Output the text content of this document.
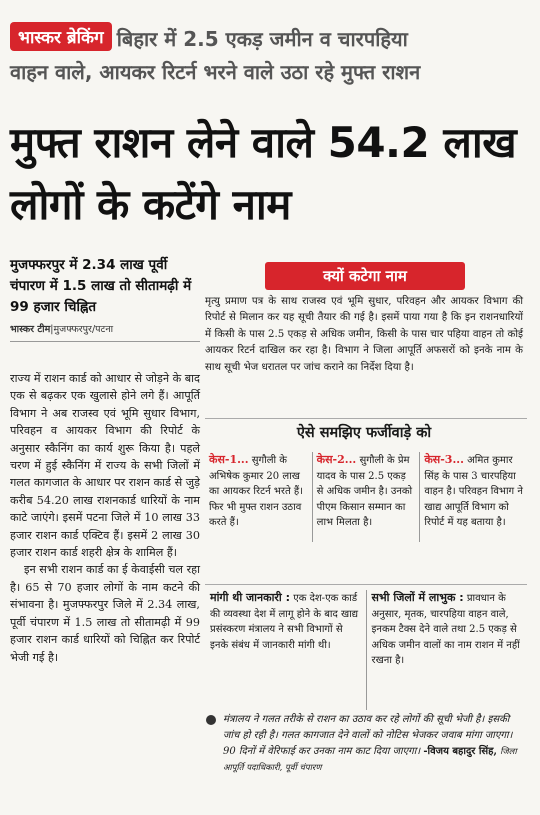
भास्कर ब्रेकिंग बिहार में 2.5 एकड़ जमीन व चारपहिया
वाहन वाले, आयकर रिटर्न भरने वाले उठा रहे मुफ्त राशन
मुफ्त राशन लेने वाले 54.2 लाख लोगों के कटेंगे नाम
मुजफ्फरपुर में 2.34 लाख पूर्वी चंपारण में 1.5 लाख तो सीतामढ़ी में 99 हजार चिह्नित
भास्कर टीम|मुजफ्फरपुर/पटना

राज्य में राशन कार्ड को आधार से जोड़ने के बाद एक से बढ़कर एक खुलासे होने लगे हैं। आपूर्ति विभाग ने अब राजस्व एवं भूमि सुधार विभाग, परिवहन व आयकर विभाग की रिपोर्ट के अनुसार स्कैनिंग का कार्य शुरू किया है। पहले चरण में हुई स्कैनिंग में राज्य के सभी जिलों में गलत कागजात के आधार पर राशन कार्ड से जुड़े करीब 54.20 लाख राशनकार्ड धारियों के नाम काटे जाएंगे। इसमें पटना जिले में 10 लाख 33 हजार राशन कार्ड एक्टिव हैं। इसमें 2 लाख 30 हजार राशन कार्ड शहरी क्षेत्र के शामिल हैं।

इन सभी राशन कार्ड का ई केवाईसी चल रहा है। 65 से 70 हजार लोगों के नाम कटने की संभावना है। मुजफ्फरपुर जिले में 2.34 लाख, पूर्वी चंपारण में 1.5 लाख तो सीतामढ़ी में 99 हजार राशन कार्ड धारियों को चिह्नित कर रिपोर्ट भेजी गई है।

क्यों कटेगा नाम
मृत्यु प्रमाण पत्र के साथ राजस्व एवं भूमि सुधार, परिवहन और आयकर विभाग की रिपोर्ट से मिलान कर यह सूची तैयार की गई है। इसमें पाया गया है कि इन राशनधारियों में किसी के पास 2.5 एकड़ से अधिक जमीन, किसी के पास चार पहिया वाहन तो कोई आयकर रिटर्न दाखिल कर रहा है। विभाग ने जिला आपूर्ति अफसरों को इनके नाम के साथ सूची भेज धरातल पर जांच कराने का निर्देश दिया है।
ऐसे समझिए फर्जीवाड़े को
केस-1... सुगौली के अभिषेक कुमार 20 लाख का आयकर रिटर्न भरते हैं। फिर भी मुफ्त राशन उठाव करते हैं।
केस-2... सुगौली के प्रेम यादव के पास 2.5 एकड़ से अधिक जमीन है। उनको पीएम किसान सम्मान का लाभ मिलता है।
केस-3... अमित कुमार सिंह के पास 3 चारपहिया वाहन है। परिवहन विभाग ने खाद्य आपूर्ति विभाग को रिपोर्ट में यह बताया है।
मांगी थी जानकारी : एक देश-एक कार्ड की व्यवस्था देश में लागू होने के बाद खाद्य प्रसंस्करण मंत्रालय ने सभी विभागों से इनके संबंध में जानकारी मांगी थी।
सभी जिलों में लाभुक : प्रावधान के अनुसार, मृतक, चारपहिया वाहन वाले, इनकम टैक्स देने वाले तथा 2.5 एकड़ से अधिक जमीन वालों का नाम राशन में नहीं रखना है।
मंत्रालय ने गलत तरीके से राशन का उठाव कर रहे लोगों की सूची भेजी है। इसकी जांच हो रही है। गलत कागजात देने वालों को नोटिस भेजकर जवाब मांगा जाएगा। 90 दिनों में वेरिफाई कर उनका नाम काट दिया जाएगा। -विजय बहादुर सिंह, जिला आपूर्ति पदाधिकारी, पूर्वी चंपारण
